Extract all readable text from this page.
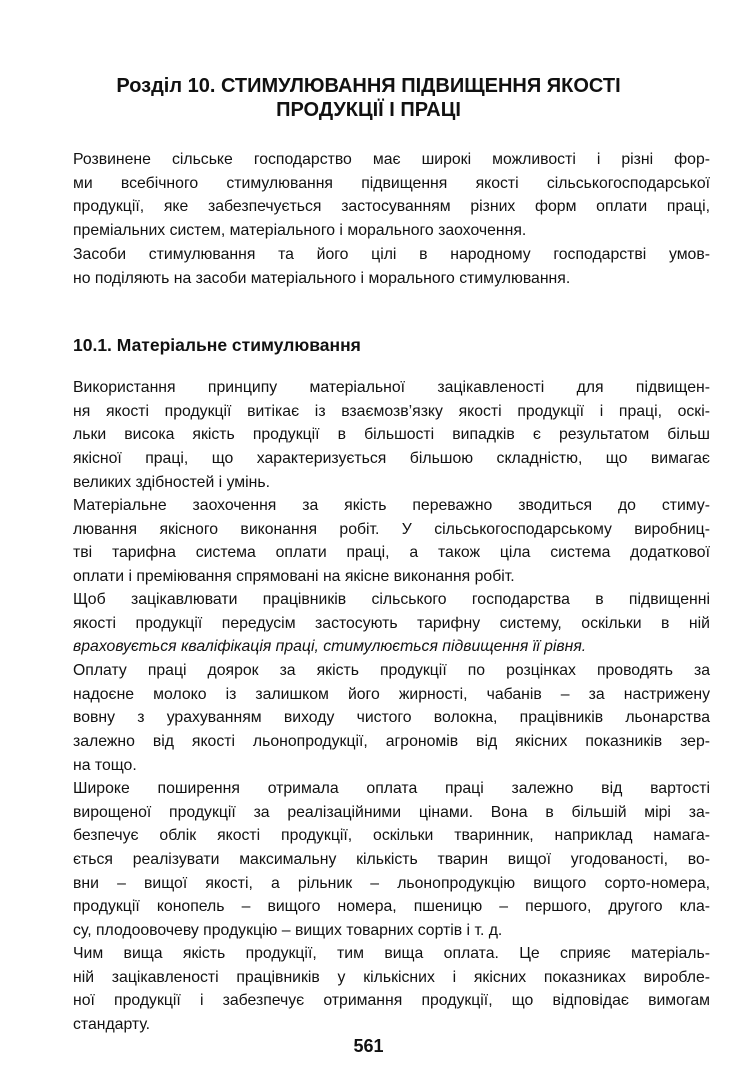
Розділ 10. СТИМУЛЮВАННЯ ПІДВИЩЕННЯ ЯКОСТІ
ПРОДУКЦІЇ І ПРАЦІ
Розвинене сільське господарство має широкі можливості і різні фор-
ми всебічного стимулювання підвищення якості сільськогосподарської
продукції, яке забезпечується застосуванням різних форм оплати праці,
преміальних систем, матеріального і морального заохочення.
Засоби стимулювання та його цілі в народному господарстві умов-
но поділяють на засоби матеріального і морального стимулювання.
10.1. Матеріальне стимулювання
Використання принципу матеріальної зацікавленості для підвищен-
ня якості продукції витікає із взаємозв’язку якості продукції і праці, оскі-
льки висока якість продукції в більшості випадків є результатом більш
якісної праці, що характеризується більшою складністю, що вимагає
великих здібностей і умінь.
Матеріальне заохочення за якість переважно зводиться до стиму-
лювання якісного виконання робіт. У сільськогосподарському виробниц-
тві тарифна система оплати праці, а також ціла система додаткової
оплати і преміювання спрямовані на якісне виконання робіт.
Щоб зацікавлювати працівників сільського господарства в підвищенні
якості продукції передусім застосують тарифну систему, оскільки в ній
враховується кваліфікація праці, стимулюється підвищення її рівня.
Оплату праці доярок за якість продукції по розцінках проводять за
надоєне молоко із залишком його жирності, чабанів – за настрижену
вовну з урахуванням виходу чистого волокна, працівників льонарства
залежно від якості льонопродукції, агрономів від якісних показників зер-
на тощо.
Широке поширення отримала оплата праці залежно від вартості
вирощеної продукції за реалізаційними цінами. Вона в більшій мірі за-
безпечує облік якості продукції, оскільки тваринник, наприклад намага-
ється реалізувати максимальну кількість тварин вищої угодованості, во-
вни – вищої якості, а рільник – льонопродукцію вищого сорто-номера,
продукції конопель – вищого номера, пшеницю – першого, другого кла-
су, плодоовочеву продукцію – вищих товарних сортів і т. д.
Чим вища якість продукції, тим вища оплата. Це сприяє матеріаль-
ній зацікавленості працівників у кількісних і якісних показниках виробле-
ної продукції і забезпечує отримання продукції, що відповідає вимогам
стандарту.
561
